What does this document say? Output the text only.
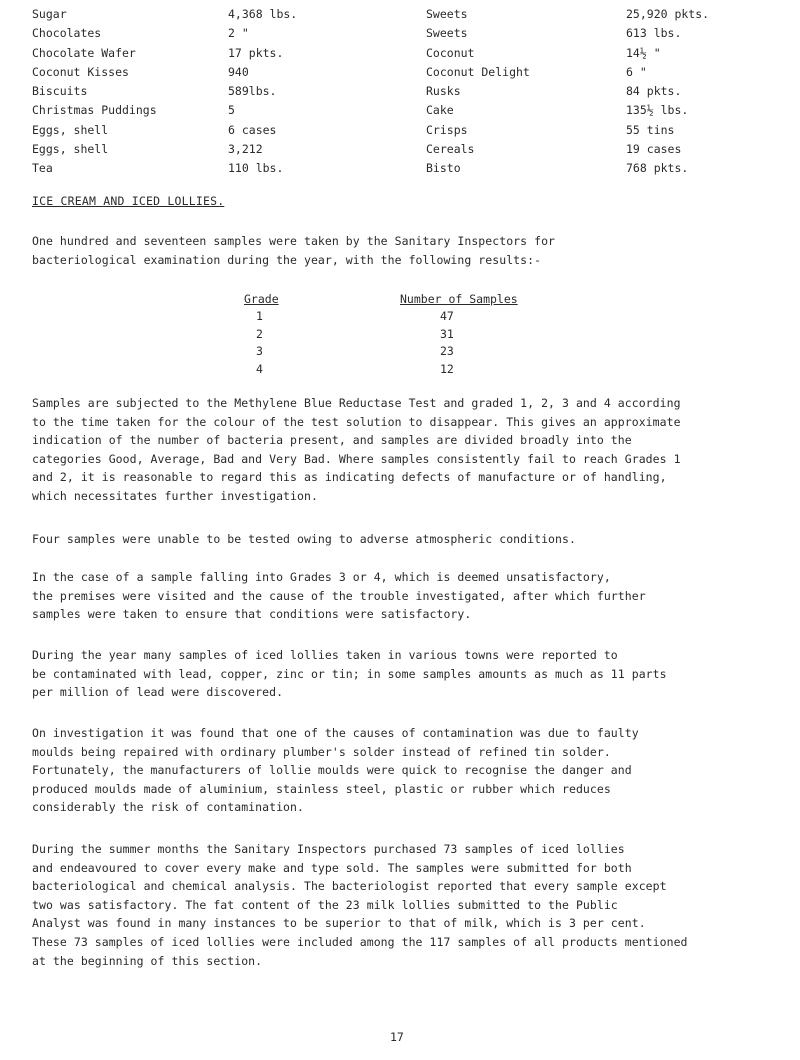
Sugar	4,368 lbs.	Sweets	25,920 pkts.
Chocolates	2 "	Sweets	613 lbs.
Chocolate Wafer	17 pkts.	Coconut	14½ "
Coconut Kisses	940	Coconut Delight	6 "
Biscuits	589lbs.	Rusks	84 pkts.
Christmas Puddings	5	Cake	135½ lbs.
Eggs, shell	6 cases	Crisps	55 tins
Eggs, shell	3,212	Cereals	19 cases
Tea	110 lbs.	Bisto	768 pkts.
ICE CREAM AND ICED LOLLIES.
One hundred and seventeen samples were taken by the Sanitary Inspectors for
bacteriological examination during the year, with the following results:-
Grade	Number of Samples
1	47
2	31
3	23
4	12
Samples are subjected to the Methylene Blue Reductase Test and graded 1, 2, 3 and 4 according
to the time taken for the colour of the test solution to disappear. This gives an approximate
indication of the number of bacteria present, and samples are divided broadly into the
categories Good, Average, Bad and Very Bad. Where samples consistently fail to reach Grades 1
and 2, it is reasonable to regard this as indicating defects of manufacture or of handling,
which necessitates further investigation.
Four samples were unable to be tested owing to adverse atmospheric conditions.
In the case of a sample falling into Grades 3 or 4, which is deemed unsatisfactory,
the premises were visited and the cause of the trouble investigated, after which further
samples were taken to ensure that conditions were satisfactory.
During the year many samples of iced lollies taken in various towns were reported to
be contaminated with lead, copper, zinc or tin; in some samples amounts as much as 11 parts
per million of lead were discovered.
On investigation it was found that one of the causes of contamination was due to faulty
moulds being repaired with ordinary plumber's solder instead of refined tin solder.
Fortunately, the manufacturers of lollie moulds were quick to recognise the danger and
produced moulds made of aluminium, stainless steel, plastic or rubber which reduces
considerably the risk of contamination.
During the summer months the Sanitary Inspectors purchased 73 samples of iced lollies
and endeavoured to cover every make and type sold. The samples were submitted for both
bacteriological and chemical analysis. The bacteriologist reported that every sample except
two was satisfactory. The fat content of the 23 milk lollies submitted to the Public
Analyst was found in many instances to be superior to that of milk, which is 3 per cent.
These 73 samples of iced lollies were included among the 117 samples of all products mentioned
at the beginning of this section.
17
